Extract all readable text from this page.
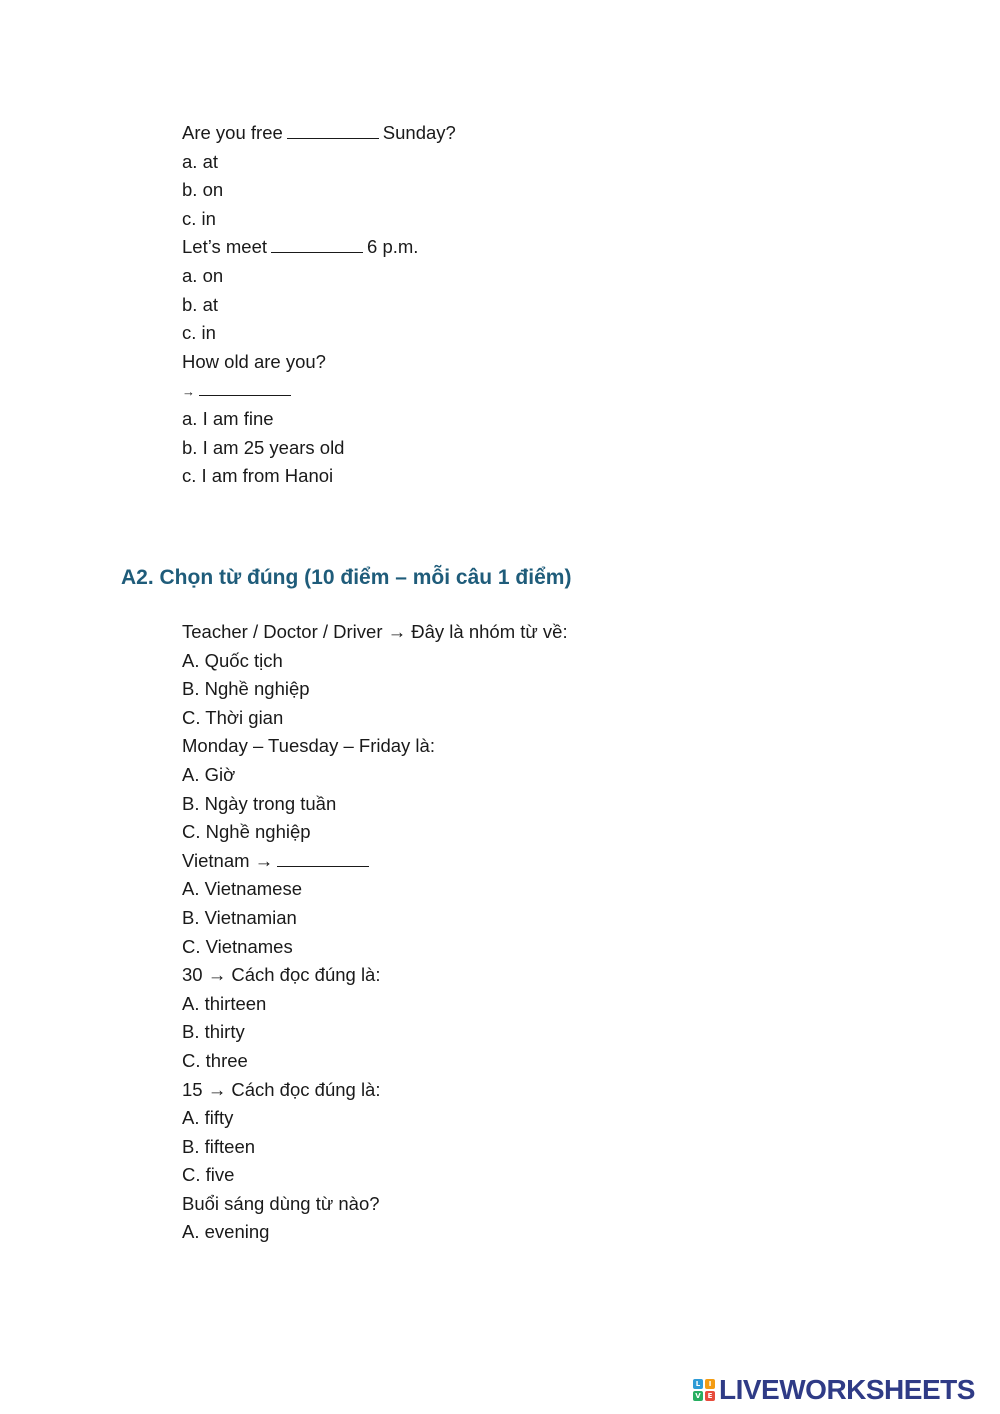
Are you free	Sunday?
a. at
b. on
c. in
Let’s meet	6 p.m.
a. on
b. at
c. in
How old are you?
→
a. I am fine
b. I am 25 years old
c. I am from Hanoi
A2. Chọn từ đúng (10 điểm – mỗi câu 1 điểm)
Teacher / Doctor / Driver → Đây là nhóm từ về:
A. Quốc tịch
B. Nghề nghiệp
C. Thời gian
Monday – Tuesday – Friday là:
A. Giờ
B. Ngày trong tuần
C. Nghề nghiệp
Vietnam →
A. Vietnamese
B. Vietnamian
C. Vietnames
30 → Cách đọc đúng là:
A. thirteen
B. thirty
C. three
15 → Cách đọc đúng là:
A. fifty
B. fifteen
C. five
Buổi sáng dùng từ nào?
A. evening
L	I
V E LIVEWORKSHEETS
